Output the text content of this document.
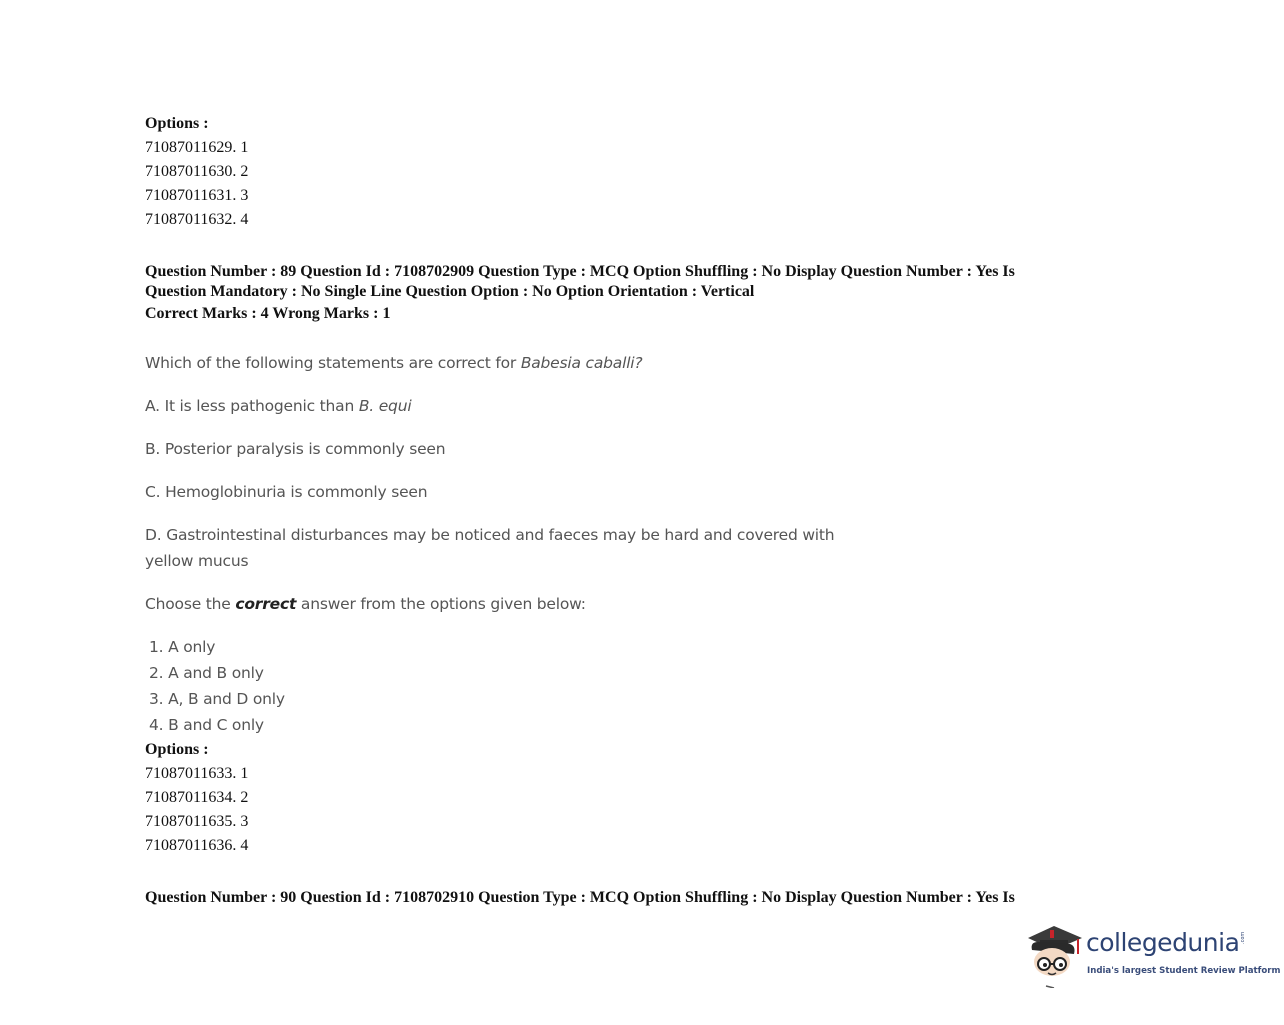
Options :
71087011629. 1
71087011630. 2
71087011631. 3
71087011632. 4
Question Number : 89 Question Id : 7108702909 Question Type : MCQ Option Shuffling : No Display Question Number : Yes Is
Question Mandatory : No Single Line Question Option : No Option Orientation : Vertical
Correct Marks : 4 Wrong Marks : 1

Which of the following statements are correct for Babesia caballi?

A. It is less pathogenic than B. equi

B. Posterior paralysis is commonly seen

C. Hemoglobinuria is commonly seen

D. Gastrointestinal disturbances may be noticed and faeces may be hard and covered with
yellow mucus

Choose the correct answer from the options given below:

1. A only
2. A and B only
3. A, B and D only
4. B and C only
Options :
71087011633. 1
71087011634. 2
71087011635. 3
71087011636. 4
Question Number : 90 Question Id : 7108702910 Question Type : MCQ Option Shuffling : No Display Question Number : Yes Is
collegedunia .com
India's largest Student Review Platform
